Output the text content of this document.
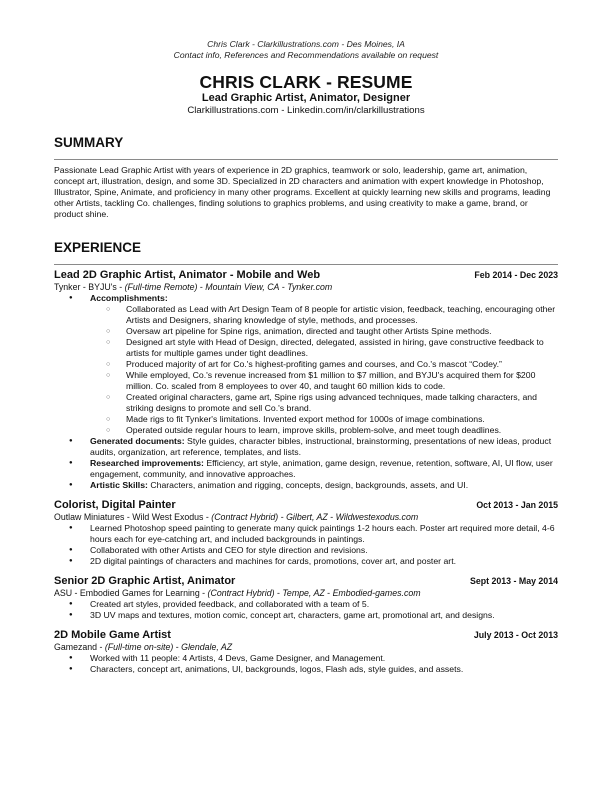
Chris Clark - Clarkillustrations.com - Des Moines, IA
Contact info, References and Recommendations available on request
CHRIS CLARK - RESUME
Lead Graphic Artist, Animator, Designer
Clarkillustrations.com - Linkedin.com/in/clarkillustrations
SUMMARY
Passionate Lead Graphic Artist with years of experience in 2D graphics, teamwork or solo, leadership, game art, animation, concept art, illustration, design, and some 3D. Specialized in 2D characters and animation with expert knowledge in Photoshop, Illustrator, Spine, Animate, and proficiency in many other programs. Excellent at quickly learning new skills and programs, leading other Artists, tackling Co. challenges, finding solutions to graphics problems, and using creativity to make a game, brand, or product shine.
EXPERIENCE
Lead 2D Graphic Artist, Animator - Mobile and Web	Feb 2014 - Dec 2023
Tynker - BYJU's - (Full-time Remote) - Mountain View, CA - Tynker.com
● Accomplishments:
○ Collaborated as Lead with Art Design Team of 8 people for artistic vision, feedback, teaching, encouraging other Artists and Designers, sharing knowledge of style, methods, and processes.
○ Oversaw art pipeline for Spine rigs, animation, directed and taught other Artists Spine methods.
○ Designed art style with Head of Design, directed, delegated, assisted in hiring, gave constructive feedback to artists for multiple games under tight deadlines.
○ Produced majority of art for Co.'s highest-profiting games and courses, and Co.'s mascot “Codey.”
○ While employed, Co.'s revenue increased from $1 million to $7 million, and BYJU's acquired them for $200 million. Co. scaled from 8 employees to over 40, and taught 60 million kids to code.
○ Created original characters, game art, Spine rigs using advanced techniques, made talking characters, and striking designs to promote and sell Co.'s brand.
○ Made rigs to fit Tynker's limitations. Invented export method for 1000s of image combinations.
○ Operated outside regular hours to learn, improve skills, problem-solve, and meet tough deadlines.
● Generated documents: Style guides, character bibles, instructional, brainstorming, presentations of new ideas, product audits, organization, art reference, templates, and lists.
● Researched improvements: Efficiency, art style, animation, game design, revenue, retention, software, AI, UI flow, user engagement, community, and innovative approaches.
● Artistic Skills: Characters, animation and rigging, concepts, design, backgrounds, assets, and UI.
Colorist, Digital Painter	Oct 2013 - Jan 2015
Outlaw Miniatures - Wild West Exodus - (Contract Hybrid) - Gilbert, AZ - Wildwestexodus.com
● Learned Photoshop speed painting to generate many quick paintings 1-2 hours each. Poster art required more detail, 4-6 hours each for eye-catching art, and included backgrounds in paintings.
● Collaborated with other Artists and CEO for style direction and revisions.
● 2D digital paintings of characters and machines for cards, promotions, cover art, and poster art.
Senior 2D Graphic Artist, Animator	Sept 2013 - May 2014
ASU - Embodied Games for Learning - (Contract Hybrid) - Tempe, AZ - Embodied-games.com
● Created art styles, provided feedback, and collaborated with a team of 5.
● 3D UV maps and textures, motion comic, concept art, characters, game art, promotional art, and designs.
2D Mobile Game Artist	July 2013 - Oct 2013
Gamezand - (Full-time on-site) - Glendale, AZ
● Worked with 11 people: 4 Artists, 4 Devs, Game Designer, and Management.
● Characters, concept art, animations, UI, backgrounds, logos, Flash ads, style guides, and assets.
